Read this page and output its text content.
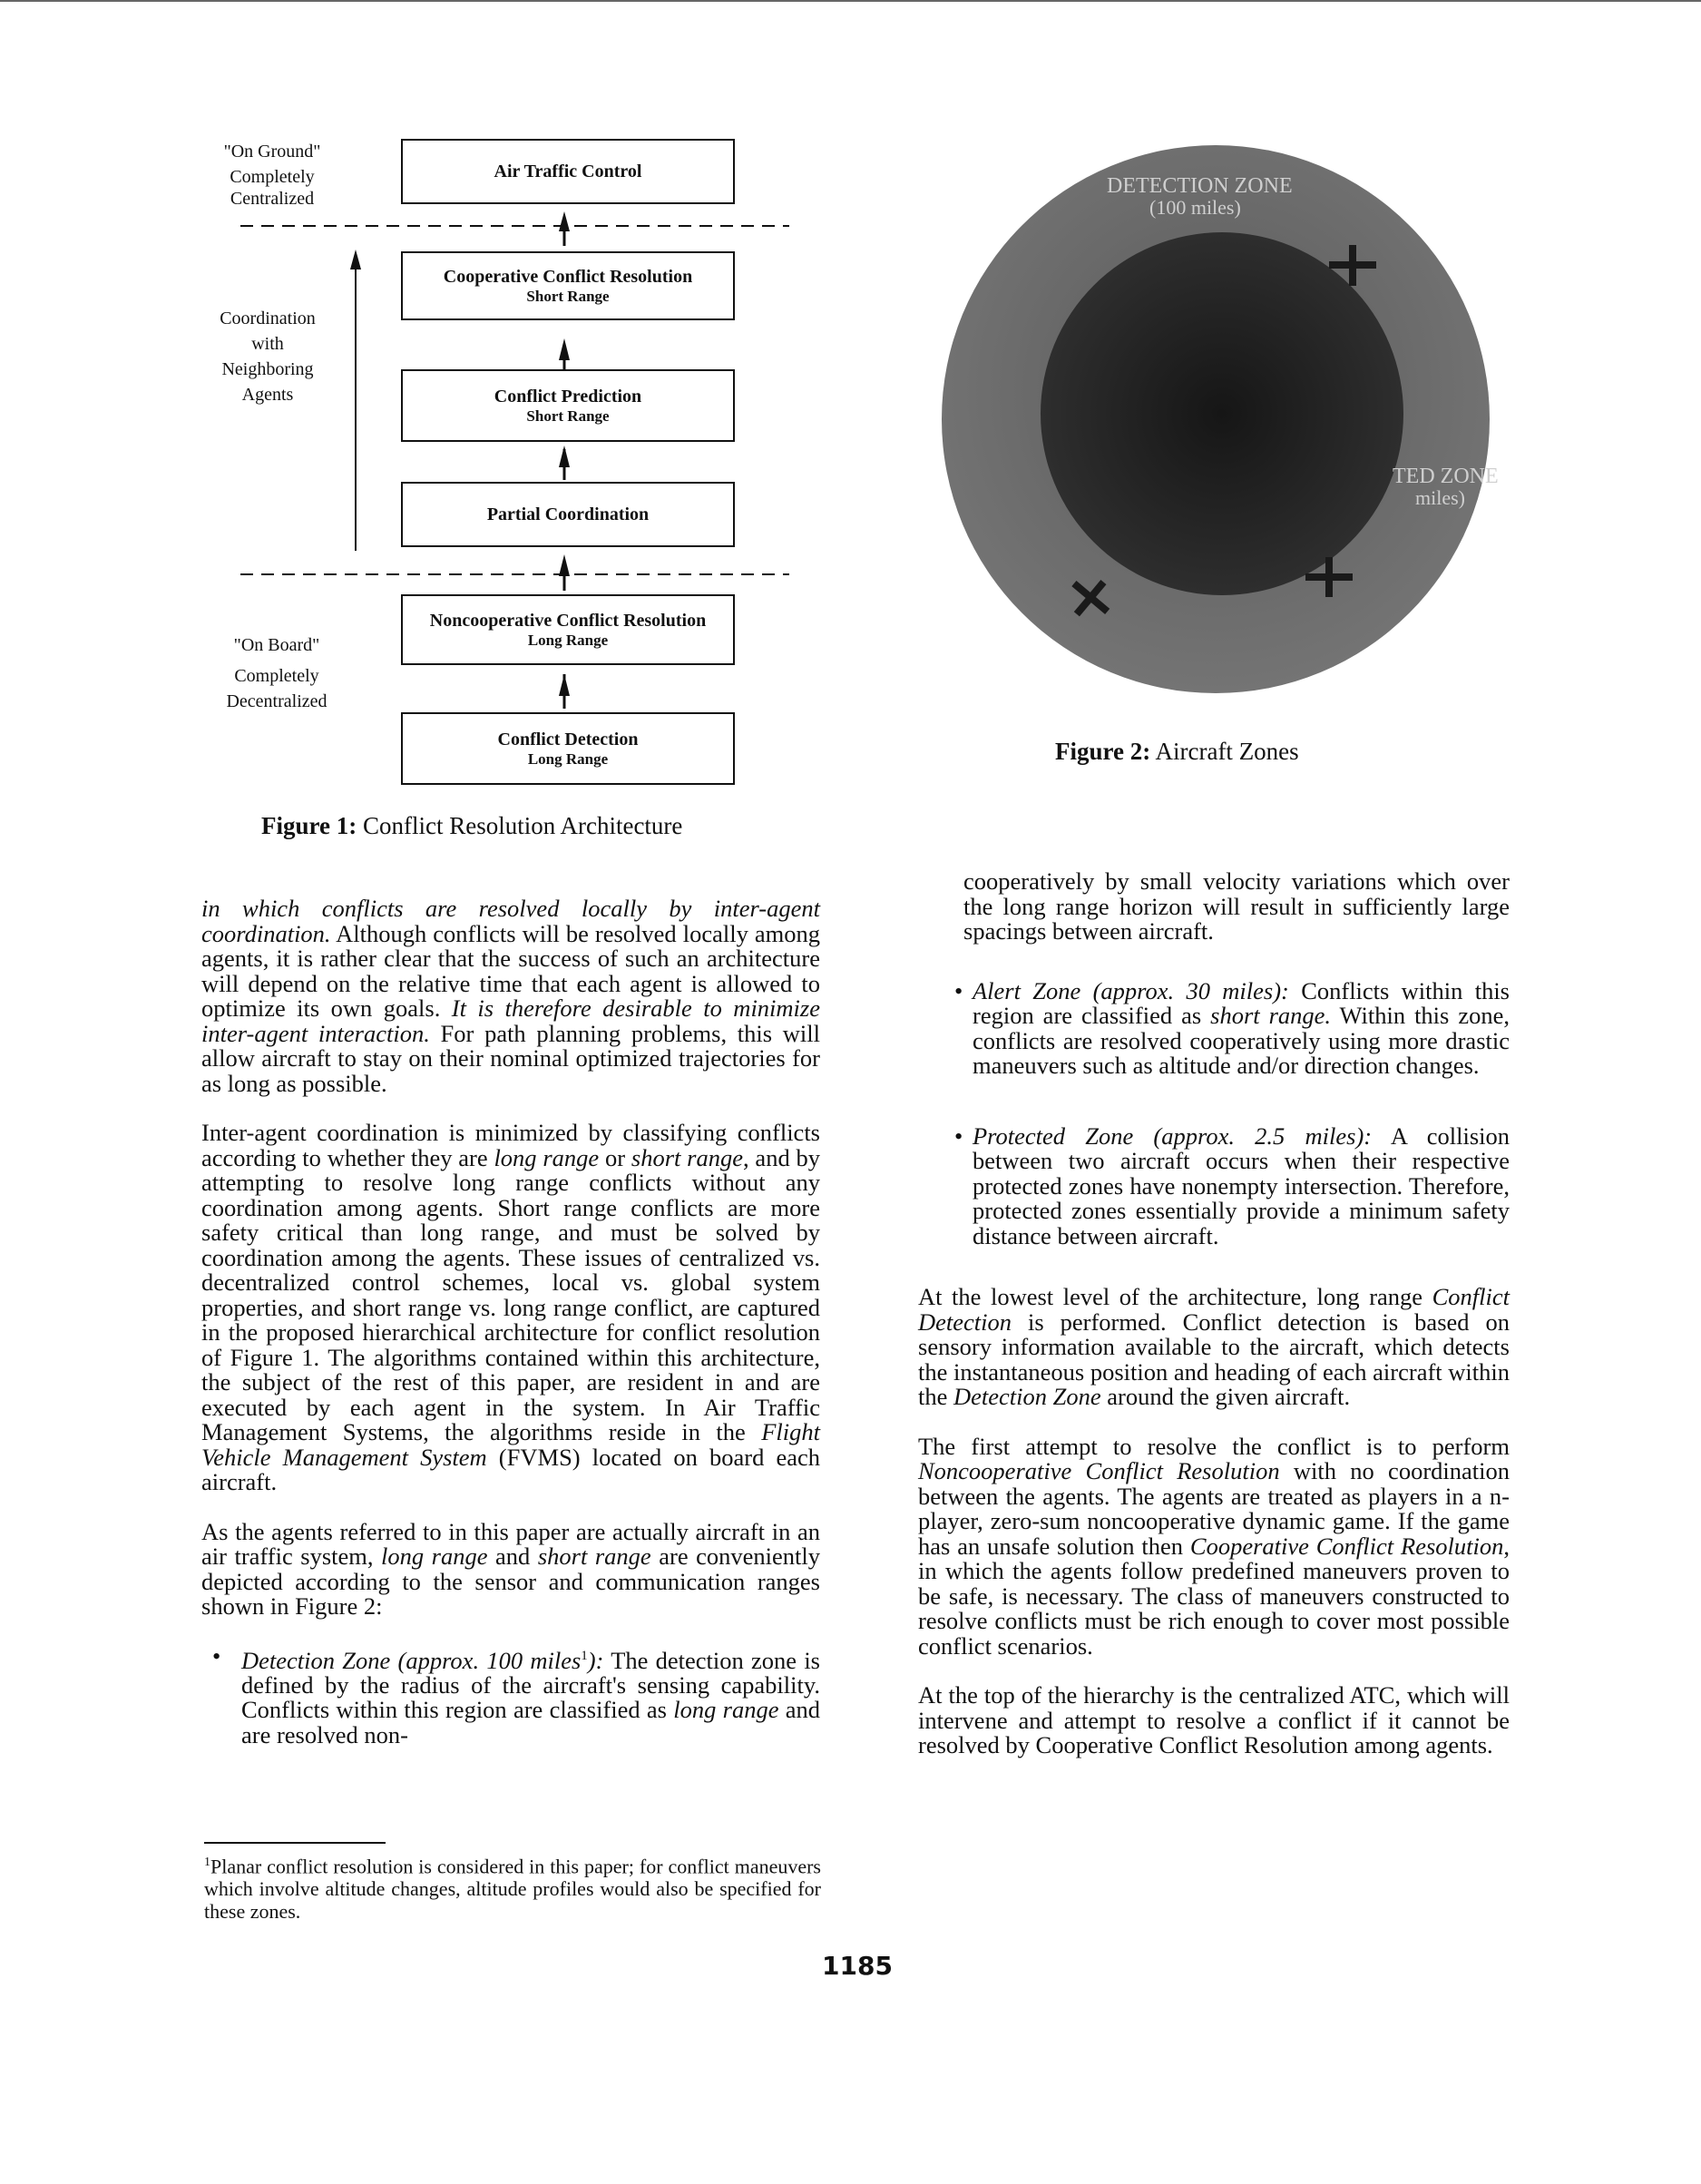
"On Ground"
Completely
Centralized
Coordination
with
Neighboring
Agents
"On Board"
Completely
Decentralized
Air Traffic Control
Cooperative Conflict Resolution
Short Range
Conflict Prediction
Short Range
Partial Coordination
Noncooperative Conflict Resolution
Long Range
Conflict Detection
Long Range
Figure 1: Conflict Resolution Architecture
DETECTION ZONE
(100 miles)
TED ZONE
miles)
Figure 2: Aircraft Zones

in which conflicts are resolved locally by inter-agent coordination. Although conflicts will be resolved locally among agents, it is rather clear that the success of such an architecture will depend on the relative time that each agent is allowed to optimize its own goals. It is therefore desirable to minimize inter-agent interaction. For path planning problems, this will allow aircraft to stay on their nominal optimized trajectories for as long as possible.

Inter-agent coordination is minimized by classifying conflicts according to whether they are long range or short range, and by attempting to resolve long range conflicts without any coordination among agents. Short range conflicts are more safety critical than long range, and must be solved by coordination among the agents. These issues of centralized vs. decentralized control schemes, local vs. global system properties, and short range vs. long range conflict, are captured in the proposed hierarchical architecture for conflict resolution of Figure 1. The algorithms contained within this architecture, the subject of the rest of this paper, are resident in and are executed by each agent in the system. In Air Traffic Management Systems, the algorithms reside in the Flight Vehicle Management System (FVMS) located on board each aircraft.

As the agents referred to in this paper are actually aircraft in an air traffic system, long range and short range are conveniently depicted according to the sensor and communication ranges shown in Figure 2:

• Detection Zone (approx. 100 miles$^1$): The detection zone is defined by the radius of the aircraft's sensing capability. Conflicts within this region are classified as long range and are resolved non-
$^1$Planar conflict resolution is considered in this paper; for conflict maneuvers which involve altitude changes, altitude profiles would also be specified for these zones.

cooperatively by small velocity variations which over the long range horizon will result in sufficiently large spacings between aircraft.

• Alert Zone (approx. 30 miles): Conflicts within this region are classified as short range. Within this zone, conflicts are resolved cooperatively using more drastic maneuvers such as altitude and/or direction changes.
• Protected Zone (approx. 2.5 miles): A collision between two aircraft occurs when their respective protected zones have nonempty intersection. Therefore, protected zones essentially provide a minimum safety distance between aircraft.

At the lowest level of the architecture, long range Conflict Detection is performed. Conflict detection is based on sensory information available to the aircraft, which detects the instantaneous position and heading of each aircraft within the Detection Zone around the given aircraft.

The first attempt to resolve the conflict is to perform Noncooperative Conflict Resolution with no coordination between the agents. The agents are treated as players in a n-player, zero-sum noncooperative dynamic game. If the game has an unsafe solution then Cooperative Conflict Resolution, in which the agents follow predefined maneuvers proven to be safe, is necessary. The class of maneuvers constructed to resolve conflicts must be rich enough to cover most possible conflict scenarios.

At the top of the hierarchy is the centralized ATC, which will intervene and attempt to resolve a conflict if it cannot be resolved by Cooperative Conflict Resolution among agents.

1185
